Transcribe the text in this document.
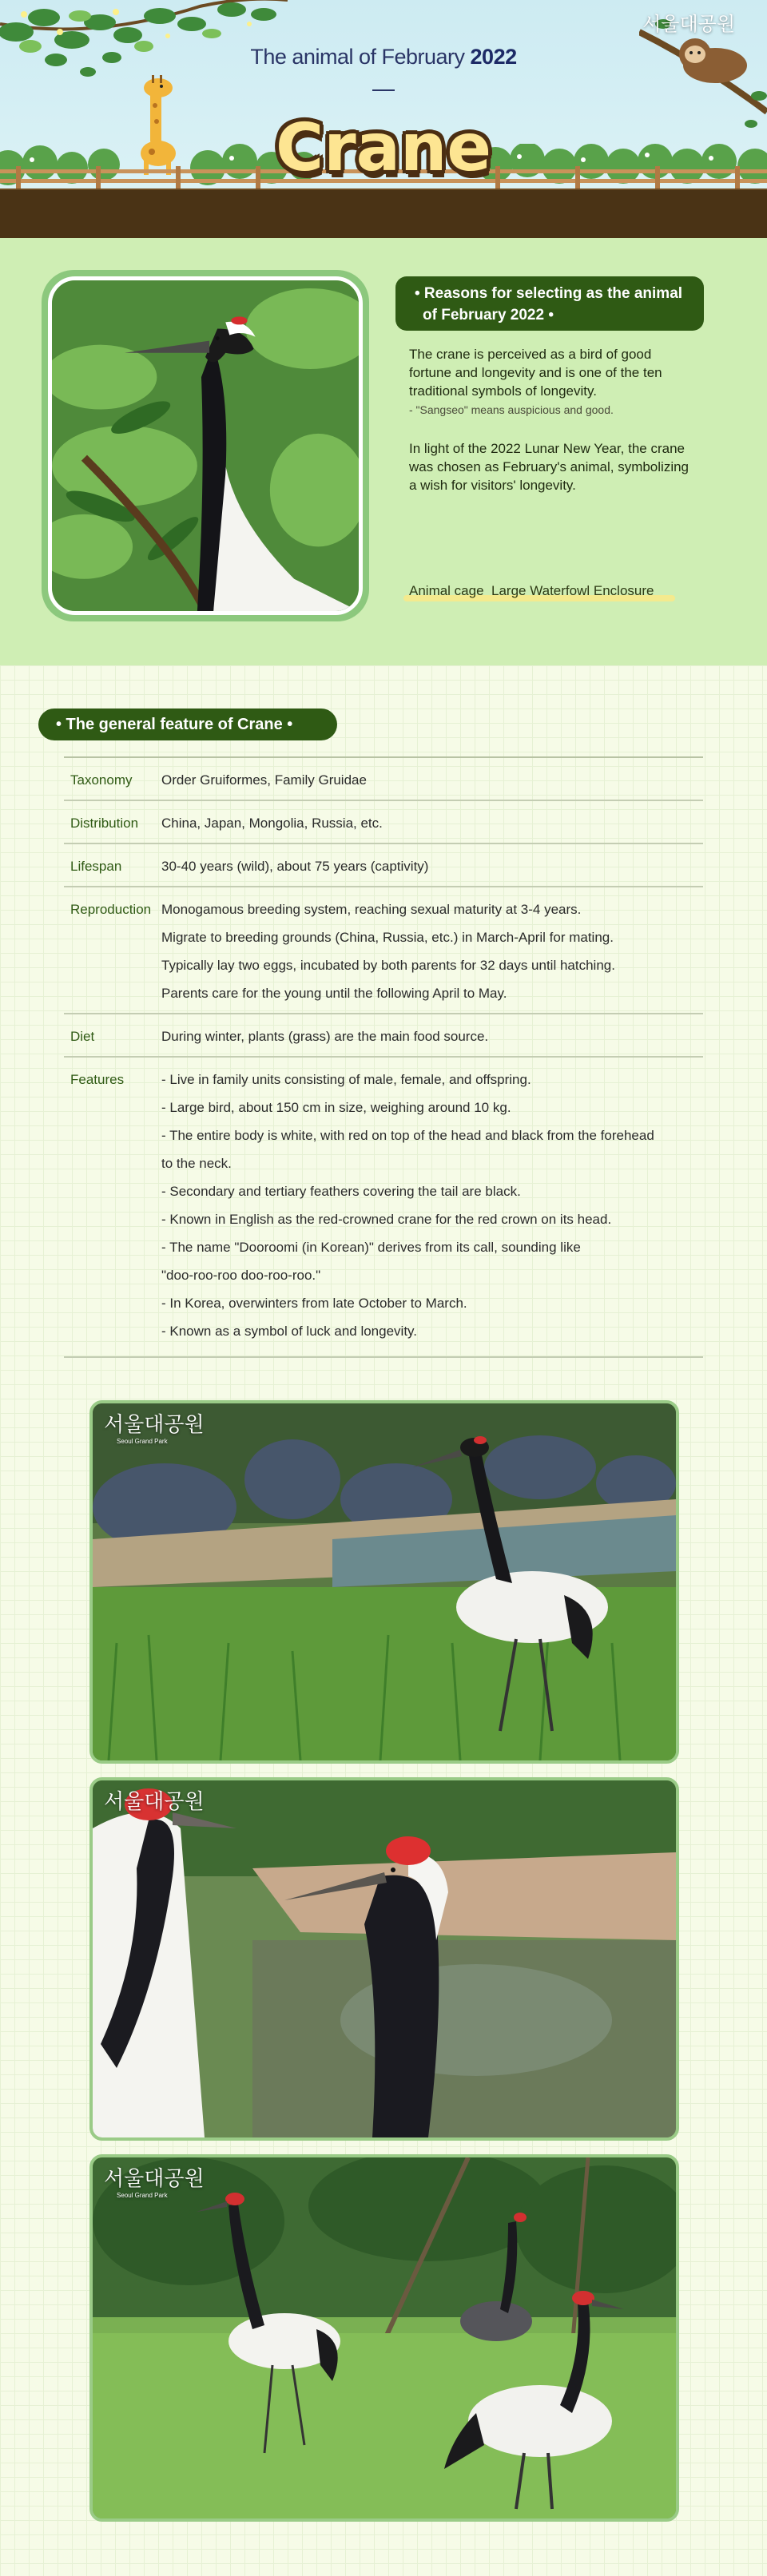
서울대공원
The animal of February 2022
Crane
• Reasons for selecting as the animal
of February 2022 •
The crane is perceived as a bird of good fortune and longevity and is one of the ten traditional symbols of longevity.
- "Sangseo" means auspicious and good.
In light of the 2022 Lunar New Year, the crane was chosen as February's animal, symbolizing a wish for visitors' longevity.
Animal cage Large Waterfowl Enclosure
• The general feature of Crane •
Taxonomy	Order Gruiformes, Family Gruidae
Distribution	China, Japan, Mongolia, Russia, etc.
Lifespan	30-40 years (wild), about 75 years (captivity)
Reproduction Monogamous breeding system, reaching sexual maturity at 3-4 years.
Migrate to breeding grounds (China, Russia, etc.) in March-April for mating.
Typically lay two eggs, incubated by both parents for 32 days until hatching.
Parents care for the young until the following April to May.
Diet	During winter, plants (grass) are the main food source.
Features	- Live in family units consisting of male, female, and offspring.
- Large bird, about 150 cm in size, weighing around 10 kg.
- The entire body is white, with red on top of the head and black from the forehead
to the neck.
- Secondary and tertiary feathers covering the tail are black.
- Known in English as the red-crowned crane for the red crown on its head.
- The name "Dooroomi (in Korean)" derives from its call, sounding like
"doo-roo-roo doo-roo-roo."
- In Korea, overwinters from late October to March.
- Known as a symbol of luck and longevity.
서울대공원
Seoul Grand Park
서울대공원
서울대공원
Seoul Grand Park
